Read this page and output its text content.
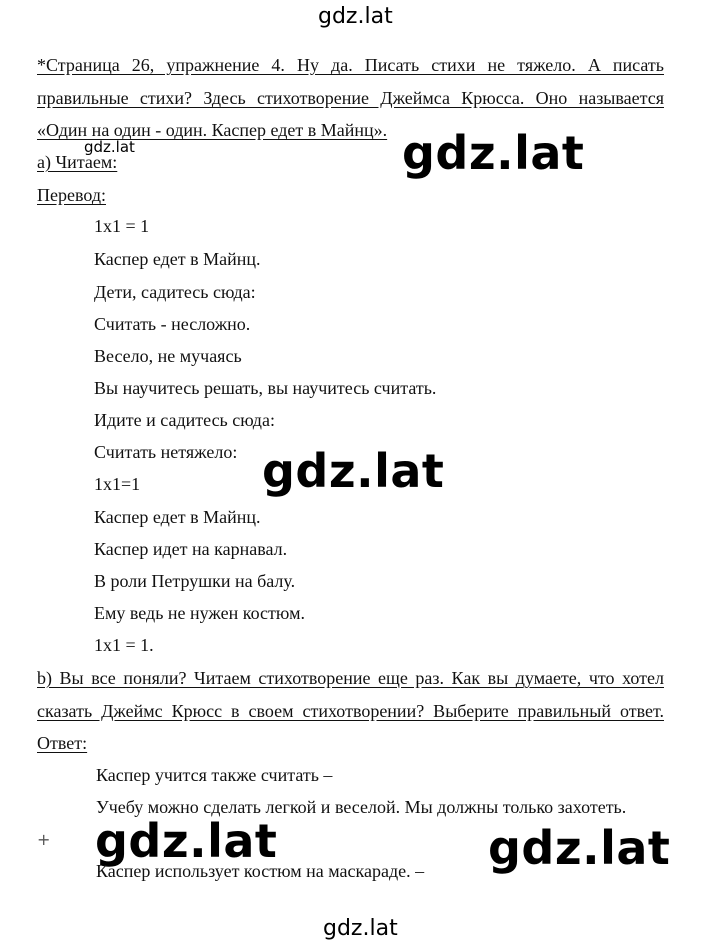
gdz.lat
gdz.lat	gdz.lat
gdz.lat
gdz.lat	gdz.lat
gdz.lat
*Страница 26, упражнение 4. Ну да. Писать стихи не тяжело. А писать
правильные стихи? Здесь стихотворение Джеймса Крюсса. Оно называется
«Один на один - один. Каспер едет в Майнц».
а) Читаем:
Перевод:
1x1 = 1
Каспер едет в Майнц.
Дети, садитесь сюда:
Считать - несложно.
Весело, не мучаясь
Вы научитесь решать, вы научитесь считать.
Идите и садитесь сюда:
Считать нетяжело:
1x1=1
Каспер едет в Майнц.
Каспер идет на карнавал.
В роли Петрушки на балу.
Ему ведь не нужен костюм.
1x1 = 1.
b) Вы все поняли? Читаем стихотворение еще раз. Как вы думаете, что хотел
сказать Джеймс Крюсс в своем стихотворении? Выберите правильный ответ.
Ответ:
Каспер учится также считать –
Учебу можно сделать легкой и веселой. Мы должны только захотеть.
+
Каспер использует костюм на маскараде. –
